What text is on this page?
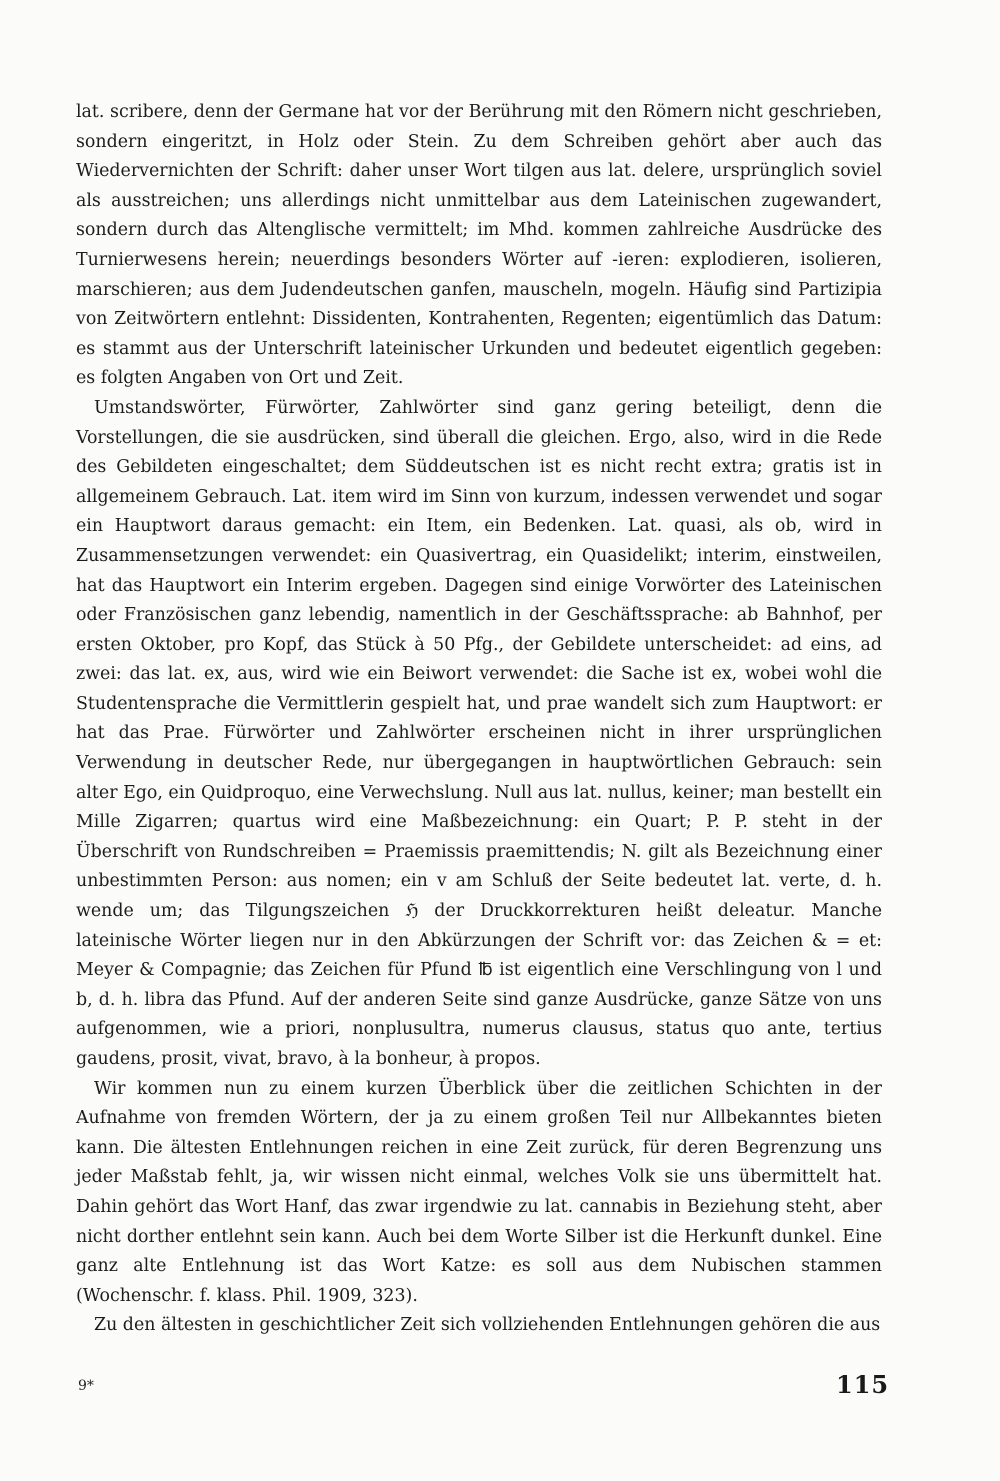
lat. scribere, denn der Germane hat vor der Berührung mit den Römern nicht geschrieben, sondern eingeritzt, in Holz oder Stein. Zu dem Schreiben gehört aber auch das Wiedervernichten der Schrift: daher unser Wort tilgen aus lat. delere, ursprünglich soviel als ausstreichen; uns allerdings nicht unmittelbar aus dem Lateinischen zugewandert, sondern durch das Altenglische vermittelt; im Mhd. kommen zahlreiche Ausdrücke des Turnierwesens herein; neuerdings besonders Wörter auf -ieren: explodieren, isolieren, marschieren; aus dem Judendeutschen ganfen, mauscheln, mogeln. Häufig sind Partizipia von Zeitwörtern entlehnt: Dissidenten, Kontrahenten, Regenten; eigentümlich das Datum: es stammt aus der Unterschrift lateinischer Urkunden und bedeutet eigentlich gegeben: es folgten Angaben von Ort und Zeit.

Umstandswörter, Fürwörter, Zahlwörter sind ganz gering beteiligt, denn die Vorstellungen, die sie ausdrücken, sind überall die gleichen. Ergo, also, wird in die Rede des Gebildeten eingeschaltet; dem Süddeutschen ist es nicht recht extra; gratis ist in allgemeinem Gebrauch. Lat. item wird im Sinn von kurzum, indessen verwendet und sogar ein Hauptwort daraus gemacht: ein Item, ein Bedenken. Lat. quasi, als ob, wird in Zusammensetzungen verwendet: ein Quasivertrag, ein Quasidelikt; interim, einstweilen, hat das Hauptwort ein Interim ergeben. Dagegen sind einige Vorwörter des Lateinischen oder Französischen ganz lebendig, namentlich in der Geschäftssprache: ab Bahnhof, per ersten Oktober, pro Kopf, das Stück à 50 Pfg., der Gebildete unterscheidet: ad eins, ad zwei: das lat. ex, aus, wird wie ein Beiwort verwendet: die Sache ist ex, wobei wohl die Studentensprache die Vermittlerin gespielt hat, und prae wandelt sich zum Hauptwort: er hat das Prae. Fürwörter und Zahlwörter erscheinen nicht in ihrer ursprünglichen Verwendung in deutscher Rede, nur übergegangen in hauptwörtlichen Gebrauch: sein alter Ego, ein Quidproquo, eine Verwechslung. Null aus lat. nullus, keiner; man bestellt ein Mille Zigarren; quartus wird eine Maßbezeichnung: ein Quart; P. P. steht in der Überschrift von Rundschreiben = Praemissis praemittendis; N. gilt als Bezeichnung einer unbestimmten Person: aus nomen; ein v am Schluß der Seite bedeutet lat. verte, d. h. wende um; das Tilgungszeichen ℌ der Druckkorrekturen heißt deleatur. Manche lateinische Wörter liegen nur in den Abkürzungen der Schrift vor: das Zeichen & = et: Meyer & Compagnie; das Zeichen für Pfund ℔ ist eigentlich eine Verschlingung von l und b, d. h. libra das Pfund. Auf der anderen Seite sind ganze Ausdrücke, ganze Sätze von uns aufgenommen, wie a priori, nonplusultra, numerus clausus, status quo ante, tertius gaudens, prosit, vivat, bravo, à la bonheur, à propos.

Wir kommen nun zu einem kurzen Überblick über die zeitlichen Schichten in der Aufnahme von fremden Wörtern, der ja zu einem großen Teil nur Allbekanntes bieten kann. Die ältesten Entlehnungen reichen in eine Zeit zurück, für deren Begrenzung uns jeder Maßstab fehlt, ja, wir wissen nicht einmal, welches Volk sie uns übermittelt hat. Dahin gehört das Wort Hanf, das zwar irgendwie zu lat. cannabis in Beziehung steht, aber nicht dorther entlehnt sein kann. Auch bei dem Worte Silber ist die Herkunft dunkel. Eine ganz alte Entlehnung ist das Wort Katze: es soll aus dem Nubischen stammen (Wochenschr. f. klass. Phil. 1909, 323).

Zu den ältesten in geschichtlicher Zeit sich vollziehenden Entlehnungen gehören die aus

9*	115
